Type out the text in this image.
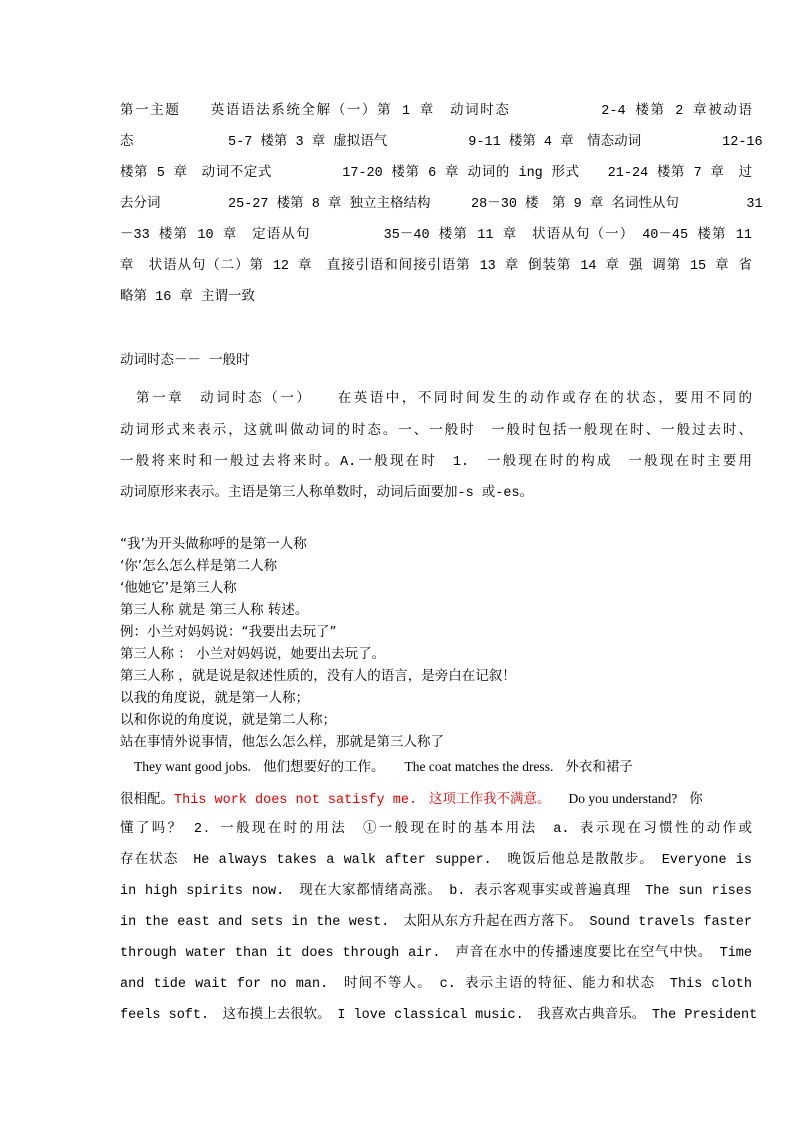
第一主题　　英语语法系统全解（一）第 1 章　动词时态　　　　　　2-4 楼第 2 章被动语
态　　　　　　　5-7 楼第 3 章 虚拟语气　　　　　　9-11 楼第 4 章　情态动词　　　　　　12-16
楼第 5 章　动词不定式　　　　　17-20 楼第 6 章 动词的 ing 形式　　21-24 楼第 7 章　过
去分词　　　　　25-27 楼第 8 章 独立主格结构　　　28－30 楼　第 9 章 名词性从句　　　　　31
－33 楼第 10 章　定语从句　　　　　35－40 楼第 11 章　状语从句（一）　40－45 楼第 11
章　状语从句（二）第 12 章　直接引语和间接引语第 13 章 倒装第 14 章 强 调第 15 章 省
略第 16 章 主谓一致
动词时态－－ 一般时
　第一章　动词时态（一）　　在英语中，不同时间发生的动作或存在的状态，要用不同的
动词形式来表示，这就叫做动词的时态。一、一般时　一般时包括一般现在时、一般过去时、
一般将来时和一般过去将来时。A.一般现在时　1.　一般现在时的构成　一般现在时主要用
动词原形来表示。主语是第三人称单数时，动词后面要加-s 或-es。
“我’为开头做称呼的是第一人称
‘你’怎么怎么样是第二人称
‘他她它’是第三人称
第三人称 就是 第三人称 转述。
例：小兰对妈妈说：“我要出去玩了”
第三人称 ： 小兰对妈妈说，她要出去玩了。
第三人称 ，就是说是叙述性质的，没有人的语言，是旁白在记叙！
以我的角度说，就是第一人称；
以和你说的角度说，就是第二人称；
站在事情外说事情，他怎么怎么样，那就是第三人称了
They want good jobs. 他们想要好的工作。 The coat matches the dress. 外衣和裙子
很相配。This work does not satisfy me. 这项工作我不满意。 Do you understand? 你
懂了吗？ 2．一般现在时的用法　①一般现在时的基本用法　a. 表示现在习惯性的动作或
存在状态　He always takes a walk after supper.　晚饭后他总是散散步。　Everyone is
in high spirits now.　现在大家都情绪高涨。　b. 表示客观事实或普遍真理　The sun rises
in the east and sets in the west.　太阳从东方升起在西方落下。　Sound travels faster
through water than it does through air.　声音在水中的传播速度要比在空气中快。　Time
and tide wait for no man.　时间不等人。　c. 表示主语的特征、能力和状态　This cloth
feels soft.　这布摸上去很软。　I love classical music.　我喜欢古典音乐。　The President
